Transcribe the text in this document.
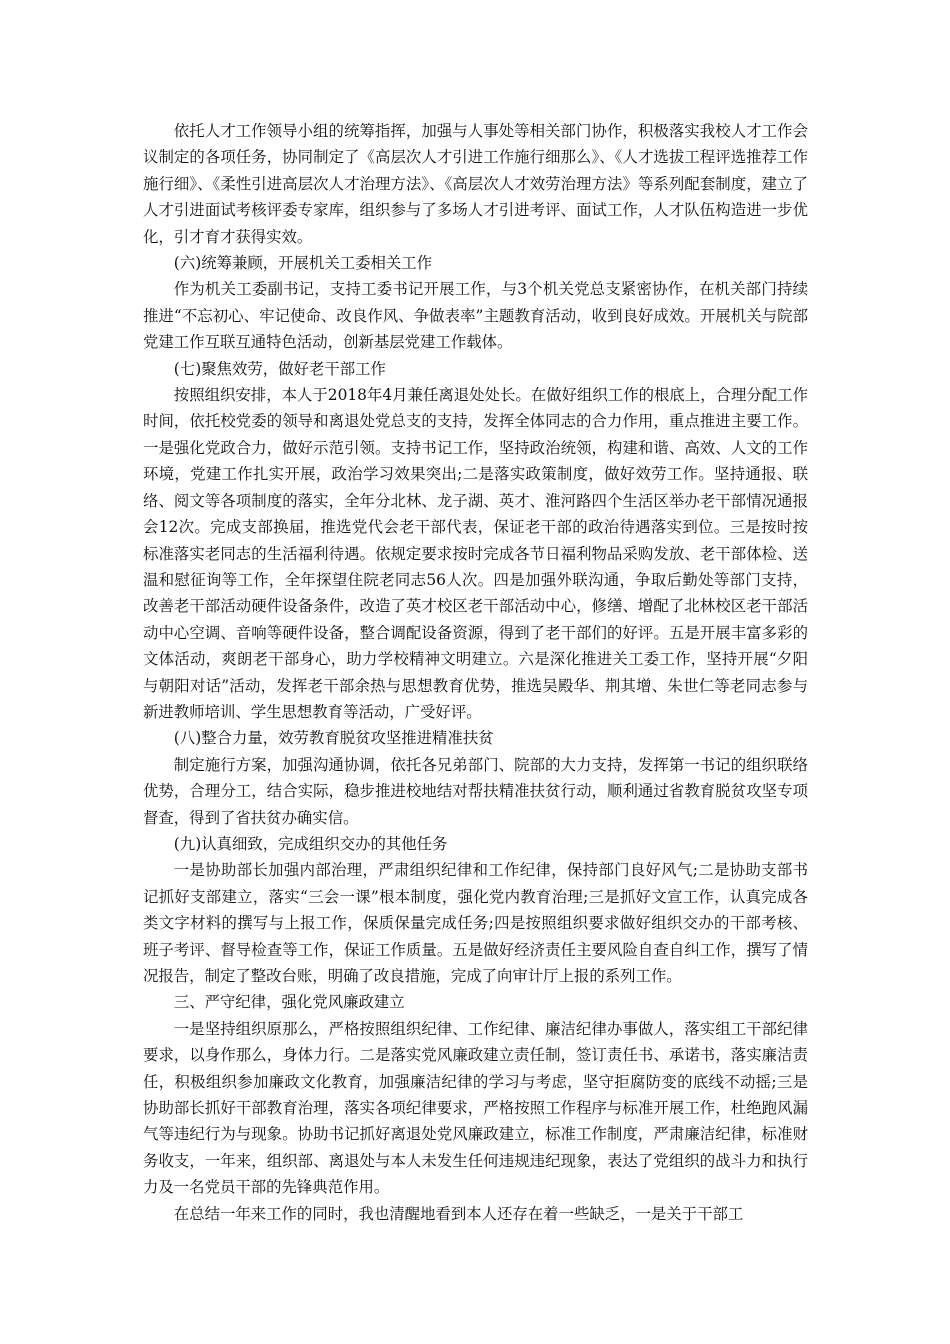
依托人才工作领导小组的统筹指挥，加强与人事处等相关部门协作，积极落实我校人才工作会议制定的各项任务，协同制定了《高层次人才引进工作施行细那么》、《人才选拔工程评选推荐工作施行细》、《柔性引进高层次人才治理方法》、《高层次人才效劳治理方法》等系列配套制度，建立了人才引进面试考核评委专家库，组织参与了多场人才引进考评、面试工作，人才队伍构造进一步优化，引才育才获得实效。

(六)统筹兼顾，开展机关工委相关工作

作为机关工委副书记，支持工委书记开展工作，与3个机关党总支紧密协作，在机关部门持续推进“不忘初心、牢记使命、改良作风、争做表率”主题教育活动，收到良好成效。开展机关与院部党建工作互联互通特色活动，创新基层党建工作载体。

(七)聚焦效劳，做好老干部工作

按照组织安排，本人于2018年4月兼任离退处处长。在做好组织工作的根底上，合理分配工作时间，依托校党委的领导和离退处党总支的支持，发挥全体同志的合力作用，重点推进主要工作。一是强化党政合力，做好示范引领。支持书记工作，坚持政治统领，构建和谐、高效、人文的工作环境，党建工作扎实开展，政治学习效果突出;二是落实政策制度，做好效劳工作。坚持通报、联络、阅文等各项制度的落实，全年分北林、龙子湖、英才、淮河路四个生活区举办老干部情况通报会12次。完成支部换届，推选党代会老干部代表，保证老干部的政治待遇落实到位。三是按时按标准落实老同志的生活福利待遇。依规定要求按时完成各节日福利物品采购发放、老干部体检、送温和慰征询等工作，全年探望住院老同志56人次。四是加强外联沟通，争取后勤处等部门支持，改善老干部活动硬件设备条件，改造了英才校区老干部活动中心，修缮、增配了北林校区老干部活动中心空调、音响等硬件设备，整合调配设备资源，得到了老干部们的好评。五是开展丰富多彩的文体活动，爽朗老干部身心，助力学校精神文明建立。六是深化推进关工委工作，坚持开展“夕阳与朝阳对话”活动，发挥老干部余热与思想教育优势，推选吴殿华、荆其增、朱世仁等老同志参与新进教师培训、学生思想教育等活动，广受好评。

(八)整合力量，效劳教育脱贫攻坚推进精准扶贫

制定施行方案，加强沟通协调，依托各兄弟部门、院部的大力支持，发挥第一书记的组织联络优势，合理分工，结合实际，稳步推进校地结对帮扶精准扶贫行动，顺利通过省教育脱贫攻坚专项督查，得到了省扶贫办确实信。

(九)认真细致，完成组织交办的其他任务

一是协助部长加强内部治理，严肃组织纪律和工作纪律，保持部门良好风气;二是协助支部书记抓好支部建立，落实“三会一课”根本制度，强化党内教育治理;三是抓好文宣工作，认真完成各类文字材料的撰写与上报工作，保质保量完成任务;四是按照组织要求做好组织交办的干部考核、班子考评、督导检查等工作，保证工作质量。五是做好经济责任主要风险自查自纠工作，撰写了情况报告，制定了整改台账，明确了改良措施，完成了向审计厅上报的系列工作。

三、严守纪律，强化党风廉政建立

一是坚持组织原那么，严格按照组织纪律、工作纪律、廉洁纪律办事做人，落实组工干部纪律要求，以身作那么，身体力行。二是落实党风廉政建立责任制，签订责任书、承诺书，落实廉洁责任，积极组织参加廉政文化教育，加强廉洁纪律的学习与考虑，坚守拒腐防变的底线不动摇;三是协助部长抓好干部教育治理，落实各项纪律要求，严格按照工作程序与标准开展工作，杜绝跑风漏气等违纪行为与现象。协助书记抓好离退处党风廉政建立，标准工作制度，严肃廉洁纪律，标准财务收支，一年来，组织部、离退处与本人未发生任何违规违纪现象，表达了党组织的战斗力和执行力及一名党员干部的先锋典范作用。

在总结一年来工作的同时，我也清醒地看到本人还存在着一些缺乏，一是关于干部工
